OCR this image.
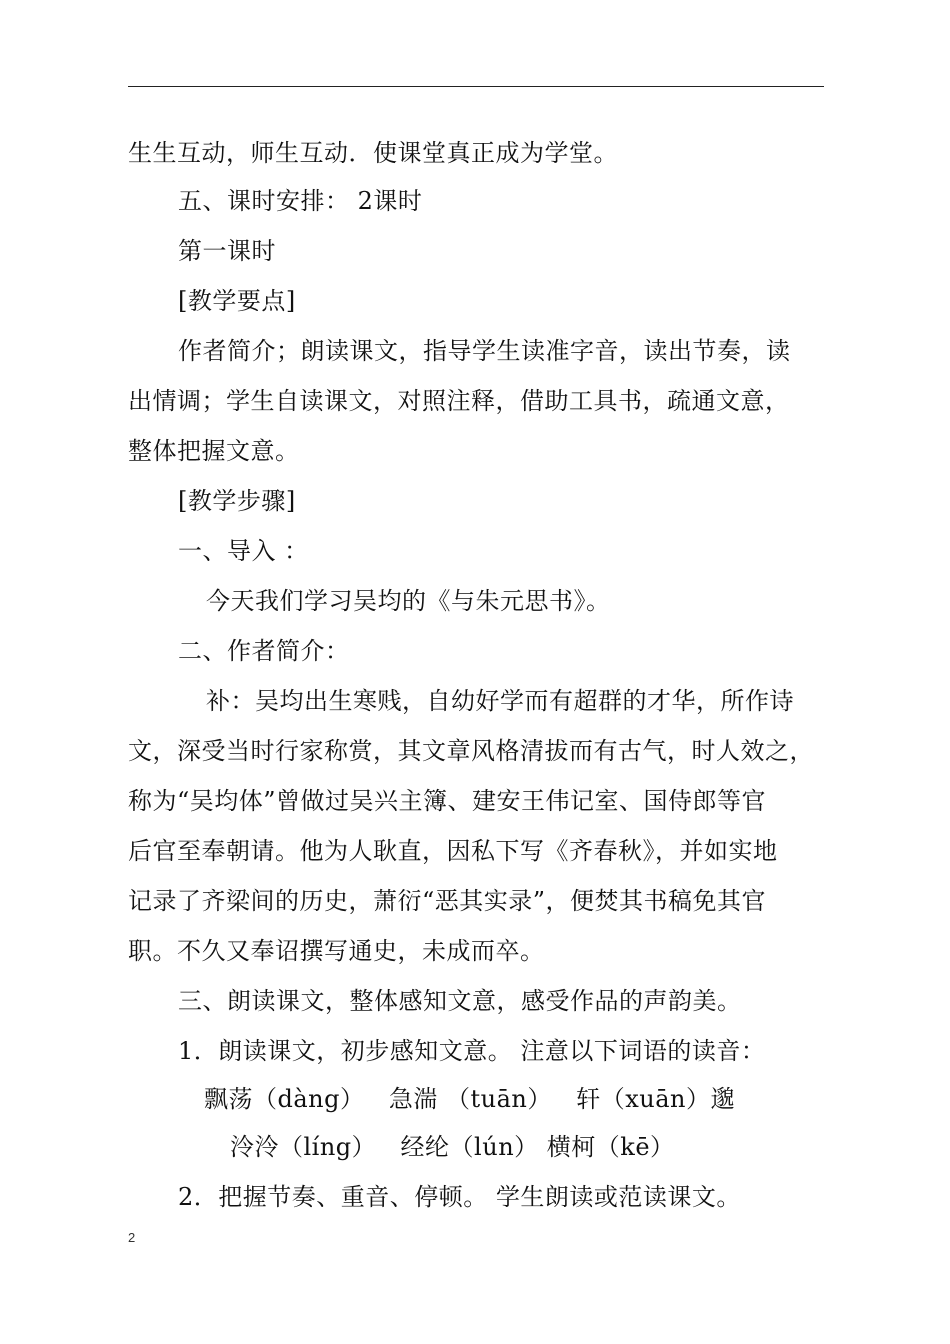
生生互动，师生互动．使课堂真正成为学堂。
五、课时安排： 2课时
第一课时
[教学要点]
作者简介；朗读课文，指导学生读准字音，读出节奏，读
出情调；学生自读课文，对照注释，借助工具书，疏通文意，
整体把握文意。
[教学步骤]
一、导入 ：
今天我们学习吴均的《与朱元思书》。
二、作者简介：
补：吴均出生寒贱，自幼好学而有超群的才华，所作诗
文，深受当时行家称赏，其文章风格清拔而有古气，时人效之，
称为“吴均体”曾做过吴兴主簿、建安王伟记室、国侍郎等官
后官至奉朝请。他为人耿直，因私下写《齐春秋》，并如实地
记录了齐梁间的历史，萧衍“恶其实录”，便焚其书稿免其官
职。不久又奉诏撰写通史，未成而卒。
三、朗读课文，整体感知文意，感受作品的声韵美。
1．朗读课文，初步感知文意。 注意以下词语的读音：
飘荡（dàng）   急湍 （tuān）   轩（xuān）邈
泠泠（líng）   经纶（lún） 横柯（kē）
2．把握节奏、重音、停顿。 学生朗读或范读课文。
2
